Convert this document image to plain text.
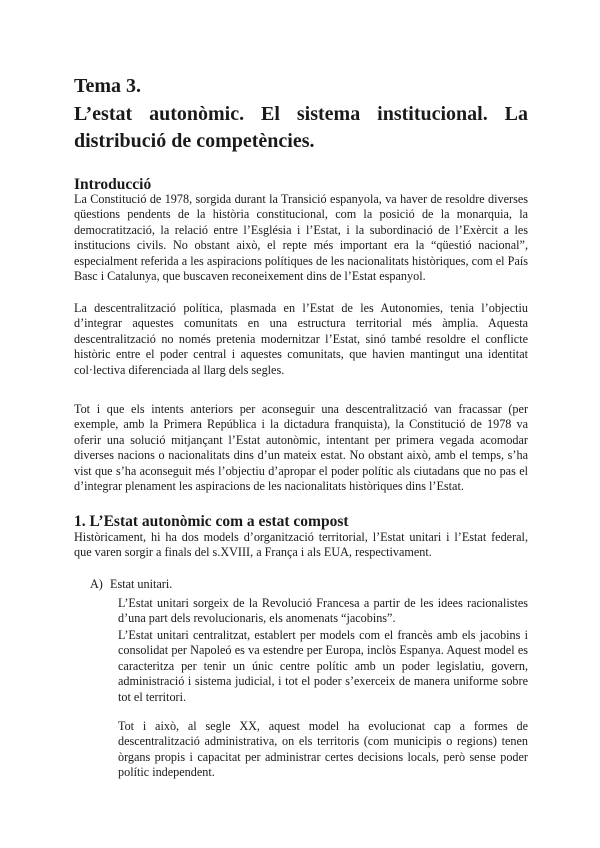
Tema 3.
L’estat autonòmic. El sistema institucional. La
distribució de competències.
Introducció

La Constitució de 1978, sorgida durant la Transició espanyola, va haver de resoldre diverses qüestions pendents de la història constitucional, com la posició de la monarquia, la democratització, la relació entre l’Església i l’Estat, i la subordinació de l’Exèrcit a les institucions civils. No obstant això, el repte més important era la “qüestió nacional”, especialment referida a les aspiracions polítiques de les nacionalitats històriques, com el País Basc i Catalunya, que buscaven reconeixement dins de l’Estat espanyol.

La descentralització política, plasmada en l’Estat de les Autonomies, tenia l’objectiu d’integrar aquestes comunitats en una estructura territorial més àmplia. Aquesta descentralització no només pretenia modernitzar l’Estat, sinó també resoldre el conflicte històric entre el poder central i aquestes comunitats, que havien mantingut una identitat col·lectiva diferenciada al llarg dels segles.

Tot i que els intents anteriors per aconseguir una descentralització van fracassar (per exemple, amb la Primera República i la dictadura franquista), la Constitució de 1978 va oferir una solució mitjançant l’Estat autonòmic, intentant per primera vegada acomodar diverses nacions o nacionalitats dins d’un mateix estat. No obstant això, amb el temps, s’ha vist que s’ha aconseguit més l’objectiu d’apropar el poder polític als ciutadans que no pas el d’integrar plenament les aspiracions de les nacionalitats històriques dins l’Estat.

1. L’Estat autonòmic com a estat compost

Històricament, hi ha dos models d’organització territorial, l’Estat unitari i l’Estat federal, que varen sorgir a finals del s.XVIII, a França i als EUA, respectivament.

A) Estat unitari.

L’Estat unitari sorgeix de la Revolució Francesa a partir de les idees racionalistes d’una part dels revolucionaris, els anomenats “jacobins”.

L’Estat unitari centralitzat, establert per models com el francès amb els jacobins i consolidat per Napoleó es va estendre per Europa, inclòs Espanya. Aquest model es caracteritza per tenir un únic centre polític amb un poder legislatiu, govern, administració i sistema judicial, i tot el poder s’exerceix de manera uniforme sobre tot el territori.

Tot i això, al segle XX, aquest model ha evolucionat cap a formes de descentralització administrativa, on els territoris (com municipis o regions) tenen òrgans propis i capacitat per administrar certes decisions locals, però sense poder polític independent.
